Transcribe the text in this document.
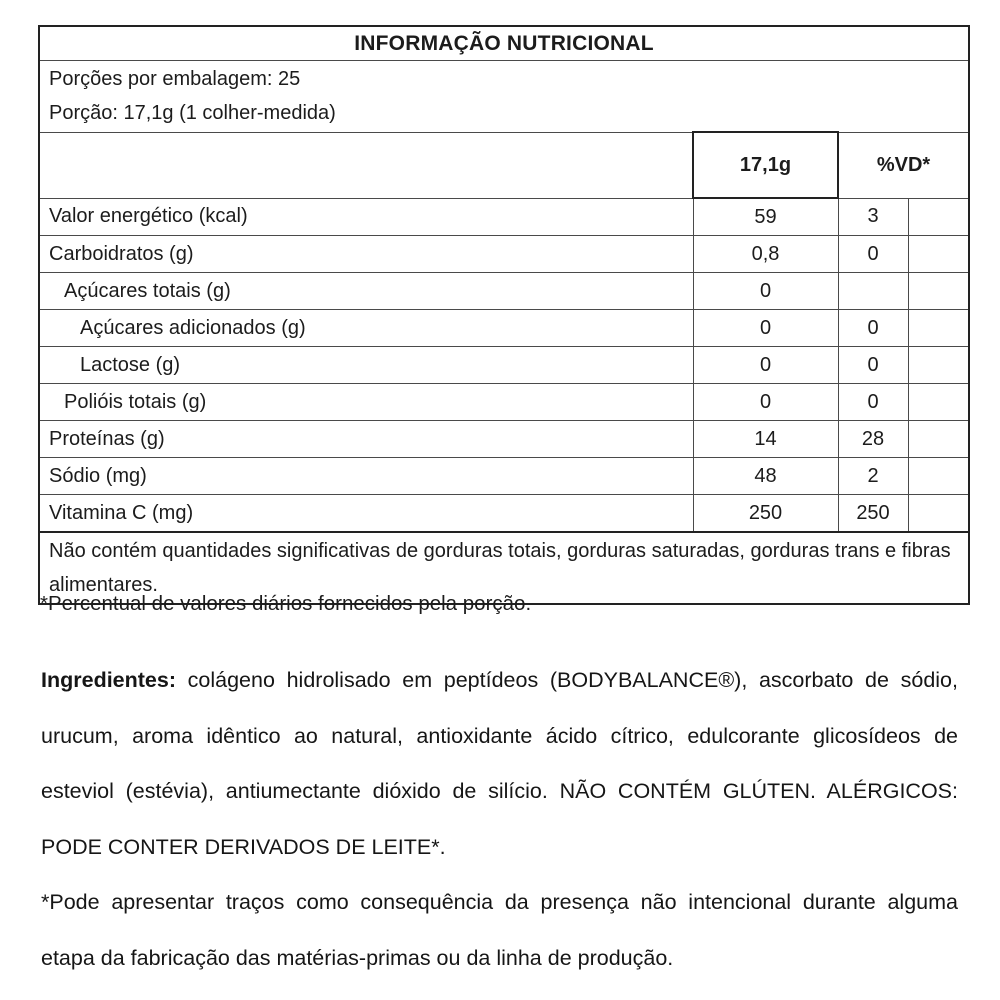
INFORMAÇÃO NUTRICIONAL			

Porções por embalagem: 25
Porção: 17,1g (1 colher-medida)			

	17,1g	%VD*	
Valor energético (kcal)	59	3	
Carboidratos (g)	0,8	0	
Açúcares totais (g)	0		
Açúcares adicionados (g)	0	0	
Lactose (g)	0	0	
Polióis totais (g)	0	0	
Proteínas (g)	14	28	
Sódio (mg)	48	2	
Vitamina C (mg)	250	250	
Não contém quantidades significativas de gorduras totais, gorduras saturadas, gorduras trans e fibras alimentares.			
*Percentual de valores diários fornecidos pela porção.
Ingredientes: colágeno hidrolisado em peptídeos (BODYBALANCE®), ascorbato de sódio, urucum, aroma idêntico ao natural, antioxidante ácido cítrico, edulcorante glicosídeos de esteviol (estévia), antiumectante dióxido de silício. NÃO CONTÉM GLÚTEN. ALÉRGICOS: PODE CONTER DERIVADOS DE LEITE*.
*Pode apresentar traços como consequência da presença não intencional durante alguma etapa da fabricação das matérias-primas ou da linha de produção.
